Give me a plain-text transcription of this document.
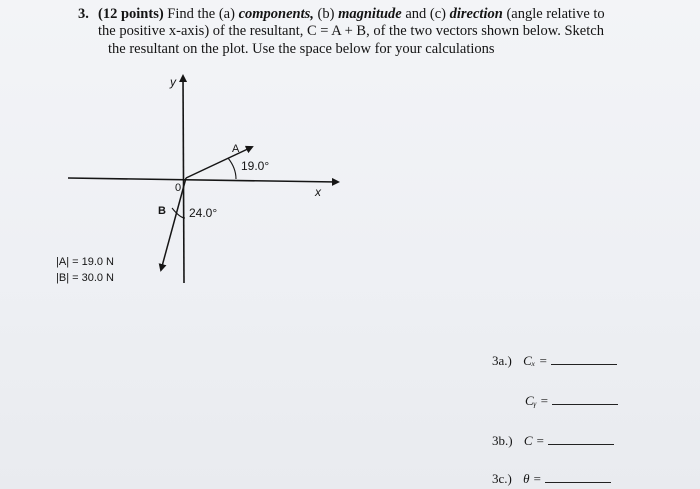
3. (12 points) Find the (a) components, (b) magnitude and (c) direction (angle relative to
the positive x-axis) of the resultant, C = A + B, of the two vectors shown below. Sketch
the resultant on the plot. Use the space below for your calculations
y
x
0
A
19.0°
B 24.0°
|A| = 19.0 N
|B| = 30.0 N
3a.) Cₓ =
Cᵧ =
3b.) C =
3c.) θ =
